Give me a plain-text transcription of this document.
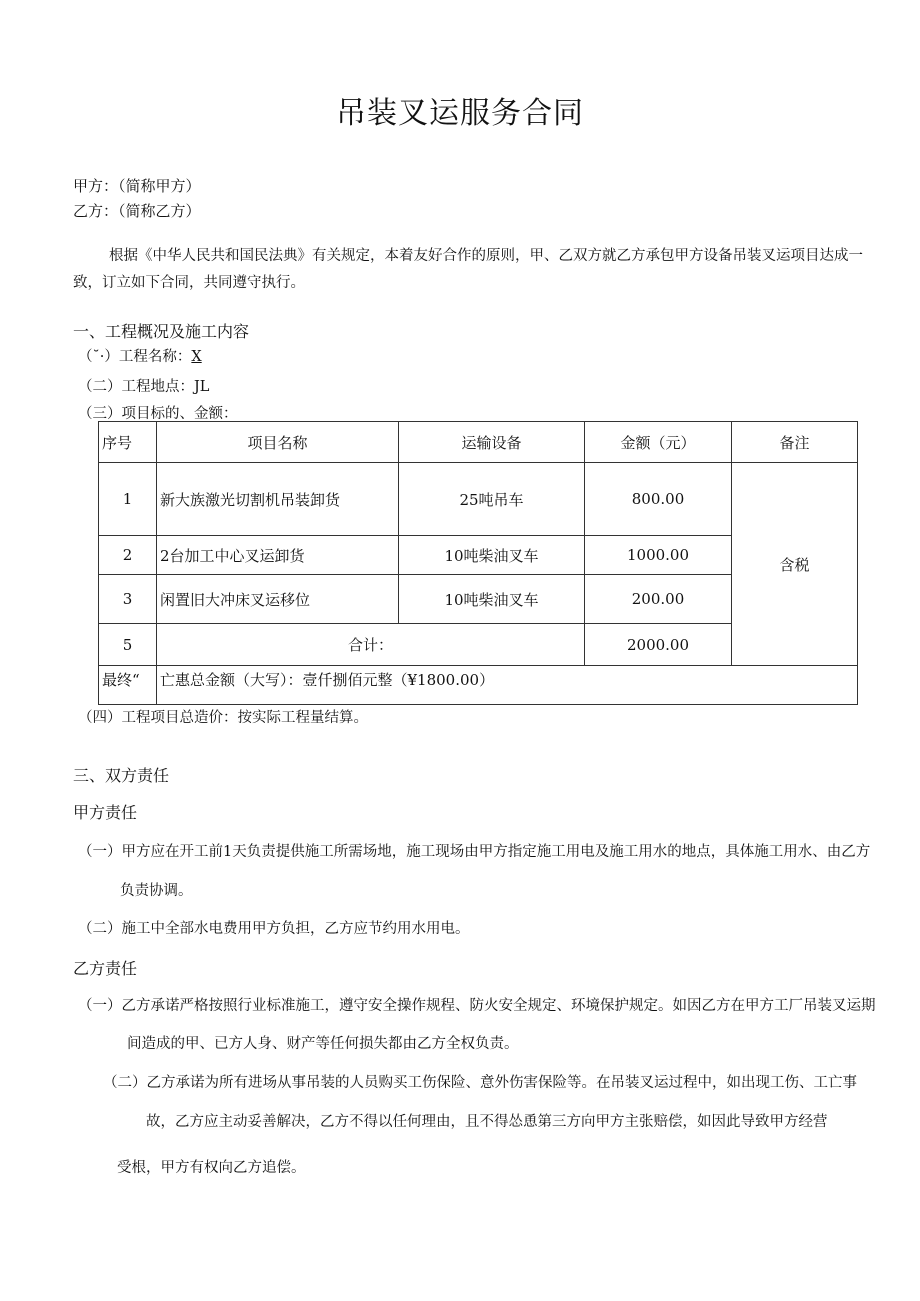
吊装叉运服务合同
甲方：（简称甲方）
乙方：（简称乙方）
根据《中华人民共和国民法典》有关规定，本着友好合作的原则，甲、乙双方就乙方承包甲方设备吊装叉运项目达成一
致，订立如下合同，共同遵守执行。
一、工程概况及施工内容
（˘·）工程名称：X
（二）工程地点：JL
（三）项目标的、金额：
序号	项目名称	运输设备	金额（元）	备注
1	新大族激光切割机吊装卸货	25吨吊车	800.00	含税
2	2台加工中心叉运卸货	10吨柴油叉车	1000.00	
3	闲置旧大冲床叉运移位	10吨柴油叉车	200.00	
5	合计：		2000.00	
最终“	亡惠总金额（大写）：壹仟捌佰元整（¥1800.00）			
（四）工程项目总造价：按实际工程量结算。
三、双方责任
甲方责任
（一）甲方应在开工前1天负责提供施工所需场地，施工现场由甲方指定施工用电及施工用水的地点，具体施工用水、由乙方
负责协调。
（二）施工中全部水电费用甲方负担，乙方应节约用水用电。
乙方责任
（一）乙方承诺严格按照行业标准施工，遵守安全操作规程、防火安全规定、环境保护规定。如因乙方在甲方工厂吊装叉运期
间造成的甲、已方人身、财产等任何损失都由乙方全权负责。
（二）乙方承诺为所有进场从事吊装的人员购买工伤保险、意外伤害保险等。在吊装叉运过程中，如出现工伤、工亡事
故，乙方应主动妥善解决，乙方不得以任何理由，且不得怂恿第三方向甲方主张赔偿，如因此导致甲方经营
受根，甲方有权向乙方追偿。
